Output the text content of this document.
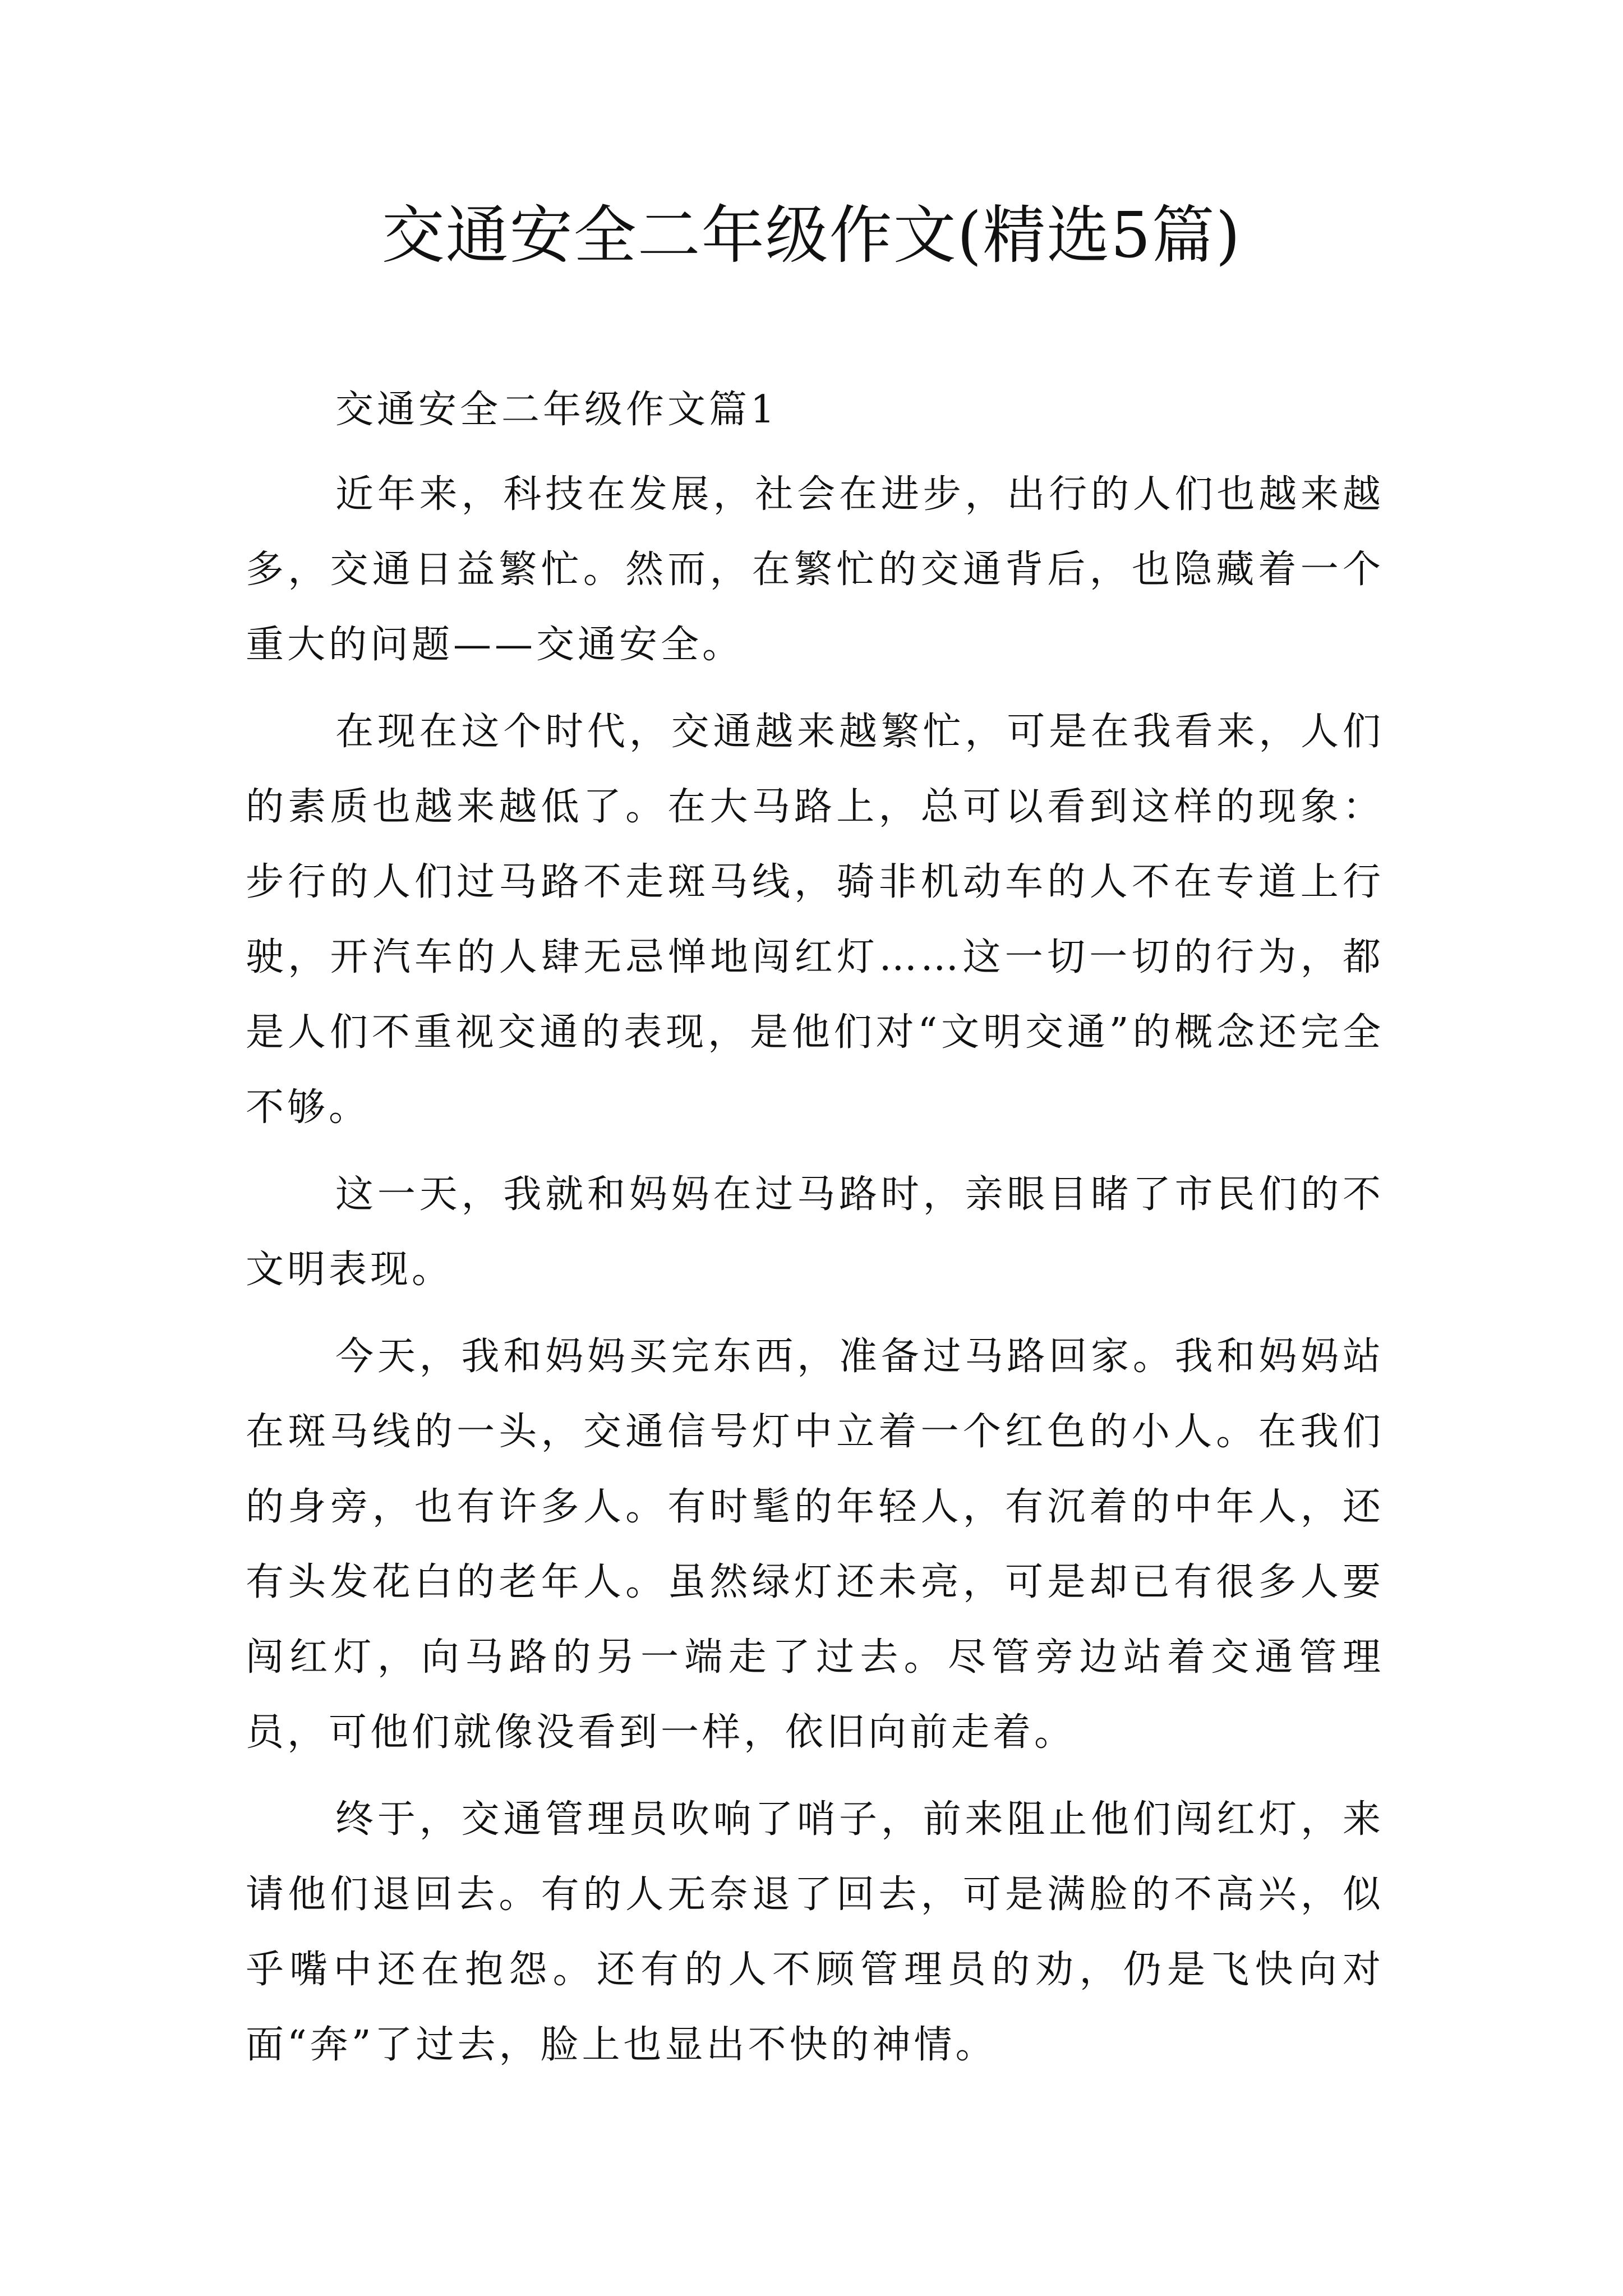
交通安全二年级作文(精选5篇)

交通安全二年级作文篇1

近年来，科技在发展，社会在进步，出行的人们也越来越多，交通日益繁忙。然而，在繁忙的交通背后，也隐藏着一个重大的问题——交通安全。

在现在这个时代，交通越来越繁忙，可是在我看来，人们的素质也越来越低了。在大马路上，总可以看到这样的现象：步行的人们过马路不走斑马线，骑非机动车的人不在专道上行驶，开汽车的人肆无忌惮地闯红灯……这一切一切的行为，都是人们不重视交通的表现，是他们对“文明交通”的概念还完全不够。

这一天，我就和妈妈在过马路时，亲眼目睹了市民们的不文明表现。

今天，我和妈妈买完东西，准备过马路回家。我和妈妈站在斑马线的一头，交通信号灯中立着一个红色的小人。在我们的身旁，也有许多人。有时髦的年轻人，有沉着的中年人，还有头发花白的老年人。虽然绿灯还未亮，可是却已有很多人要闯红灯，向马路的另一端走了过去。尽管旁边站着交通管理员，可他们就像没看到一样，依旧向前走着。

终于，交通管理员吹响了哨子，前来阻止他们闯红灯，来请他们退回去。有的人无奈退了回去，可是满脸的不高兴，似乎嘴中还在抱怨。还有的人不顾管理员的劝，仍是飞快向对面“奔”了过去，脸上也显出不快的神情。
